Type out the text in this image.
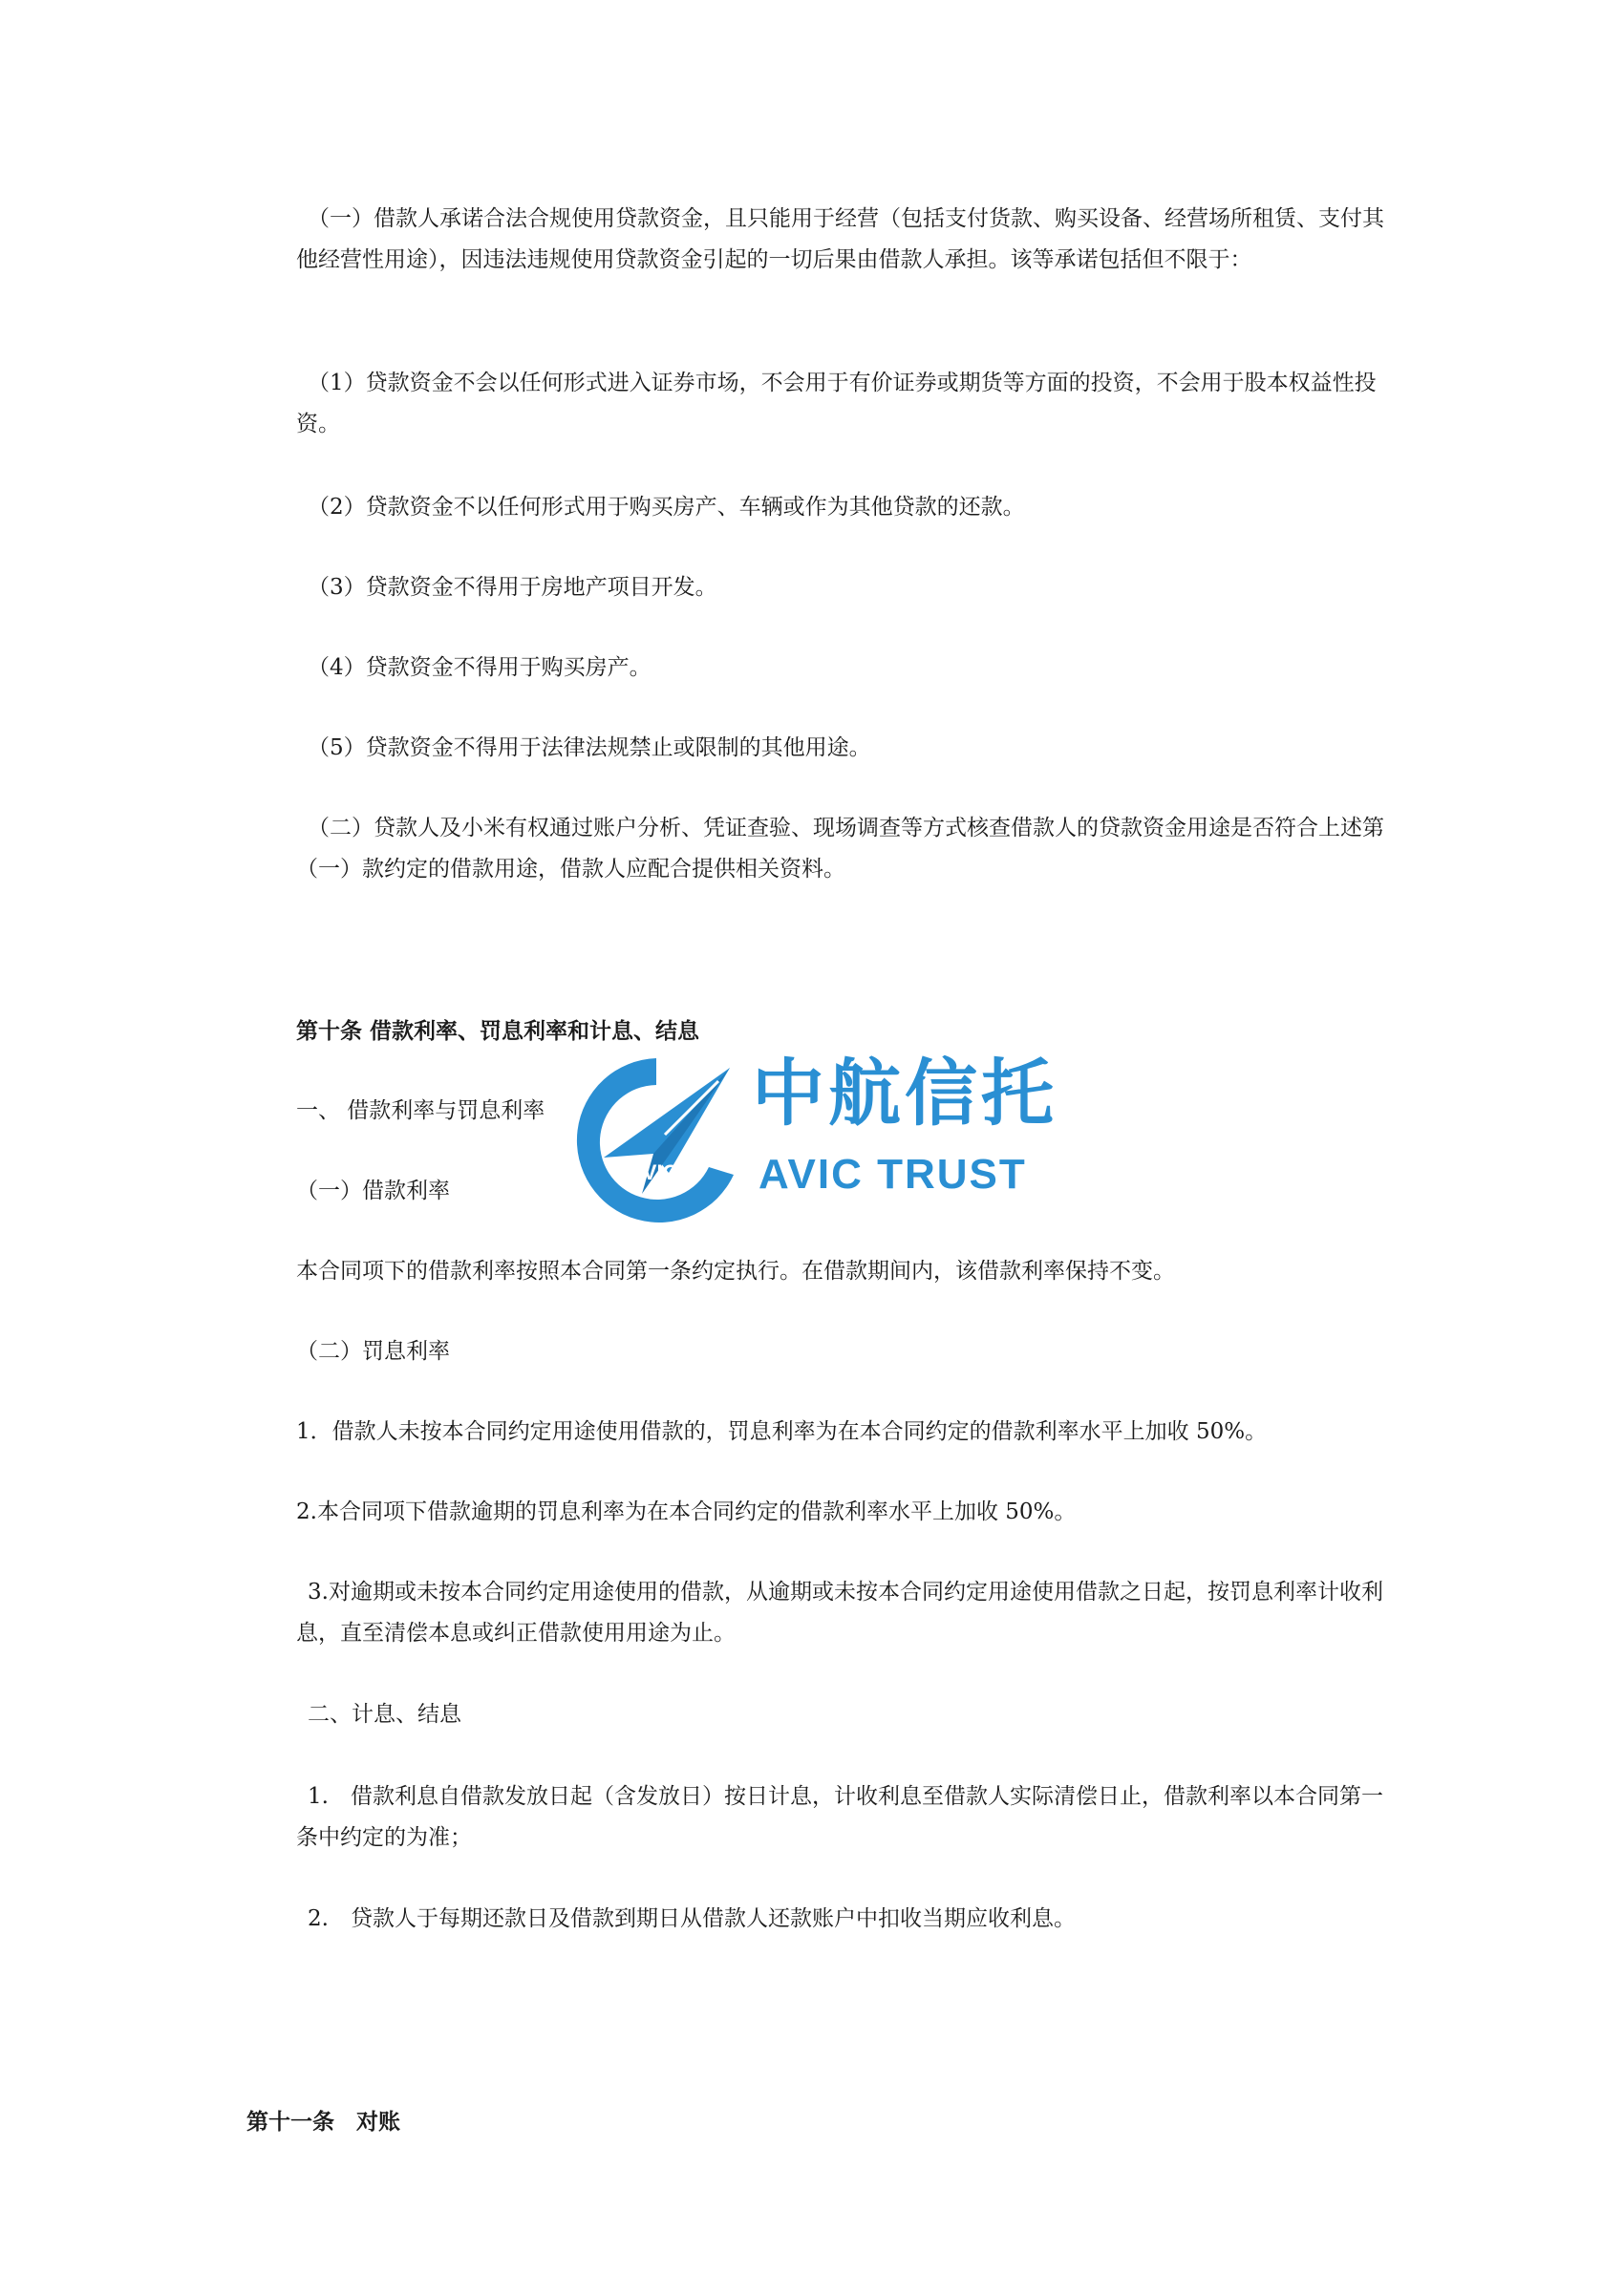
（一）借款人承诺合法合规使用贷款资金，且只能用于经营（包括支付货款、购买设备、经营场所租赁、支付其他经营性用途），因违法违规使用贷款资金引起的一切后果由借款人承担。该等承诺包括但不限于：

（1）贷款资金不会以任何形式进入证券市场，不会用于有价证券或期货等方面的投资，不会用于股本权益性投资。

（2）贷款资金不以任何形式用于购买房产、车辆或作为其他贷款的还款。

（3）贷款资金不得用于房地产项目开发。

（4）贷款资金不得用于购买房产。

（5）贷款资金不得用于法律法规禁止或限制的其他用途。

（二）贷款人及小米有权通过账户分析、凭证查验、现场调查等方式核查借款人的贷款资金用途是否符合上述第（一）款约定的借款用途，借款人应配合提供相关资料。

第十条 借款利率、罚息利率和计息、结息

一、 借款利率与罚息利率

（一）借款利率

本合同项下的借款利率按照本合同第一条约定执行。在借款期间内，该借款利率保持不变。

（二）罚息利率

1．借款人未按本合同约定用途使用借款的，罚息利率为在本合同约定的借款利率水平上加收 50%。

2.本合同项下借款逾期的罚息利率为在本合同约定的借款利率水平上加收 50%。

3.对逾期或未按本合同约定用途使用的借款，从逾期或未按本合同约定用途使用借款之日起，按罚息利率计收利息，直至清偿本息或纠正借款使用用途为止。

二、计息、结息

1.　借款利息自借款发放日起（含发放日）按日计息，计收利息至借款人实际清偿日止，借款利率以本合同第一条中约定的为准；

2.　贷款人于每期还款日及借款到期日从借款人还款账户中扣收当期应收利息。

第十一条　对账

AVIC
中航信托
AVIC TRUST
